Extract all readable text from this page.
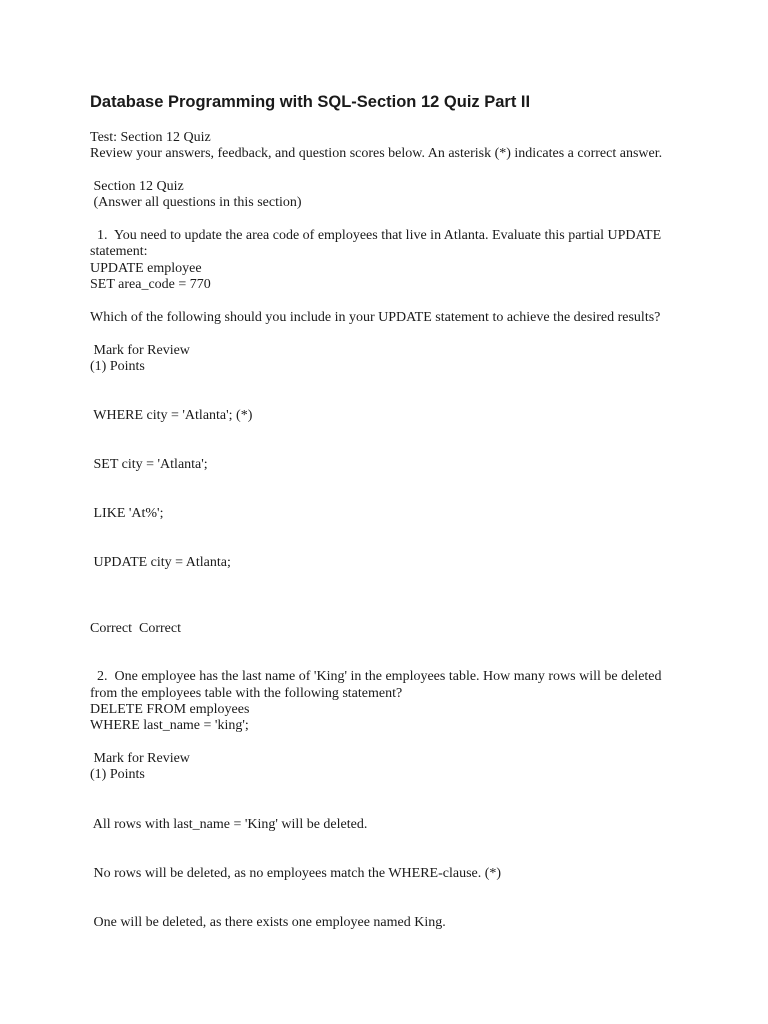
Database Programming with SQL-Section 12 Quiz Part II

Test: Section 12 Quiz

Review your answers, feedback, and question scores below. An asterisk (*) indicates a correct answer.

Section 12 Quiz

(Answer all questions in this section)

1.  You need to update the area code of employees that live in Atlanta. Evaluate this partial UPDATE

statement:

UPDATE employee

SET area_code = 770

Which of the following should you include in your UPDATE statement to achieve the desired results?

Mark for Review

(1) Points

WHERE city = 'Atlanta'; (*)

SET city = 'Atlanta';

LIKE 'At%';

UPDATE city = Atlanta;

Correct  Correct

2.  One employee has the last name of 'King' in the employees table. How many rows will be deleted

from the employees table with the following statement?

DELETE FROM employees

WHERE last_name = 'king';

Mark for Review

(1) Points

All rows with last_name = 'King' will be deleted.

No rows will be deleted, as no employees match the WHERE-clause. (*)

One will be deleted, as there exists one employee named King.
